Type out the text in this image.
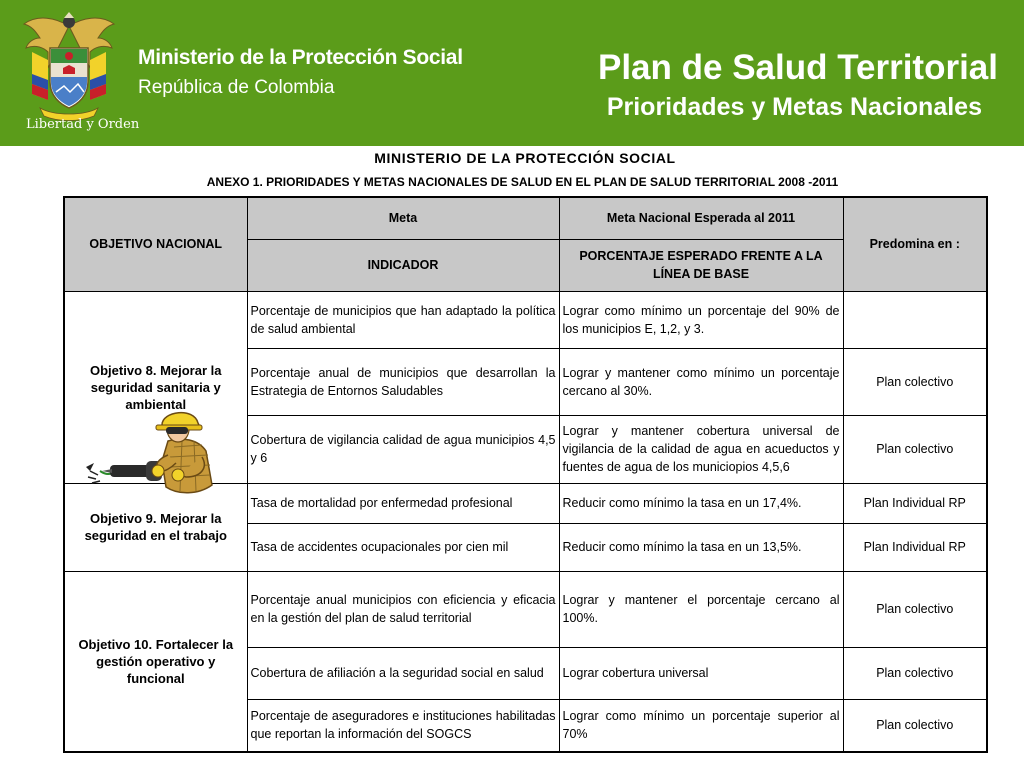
Libertad y Orden
Ministerio de la Protección Social
República de Colombia
Plan de Salud Territorial
Prioridades y Metas Nacionales
MINISTERIO DE LA PROTECCIÓN SOCIAL
ANEXO 1. PRIORIDADES Y METAS NACIONALES DE SALUD EN EL PLAN DE SALUD TERRITORIAL 2008 -2011
OBJETIVO NACIONAL	Meta	Meta Nacional Esperada al 2011	Predomina en :
	INDICADOR	PORCENTAJE ESPERADO FRENTE A LA LÍNEA DE BASE	
Objetivo 8. Mejorar la seguridad sanitaria y ambiental	Porcentaje de municipios que han adaptado la política de salud ambiental	Lograr como mínimo un porcentaje del 90% de los municipios E, 1,2, y 3.	
	Porcentaje anual de municipios que desarrollan la Estrategia de Entornos Saludables	Lograr y mantener como mínimo un porcentaje cercano al 30%.	Plan colectivo
	Cobertura de vigilancia calidad de agua municipios 4,5 y 6	Lograr y mantener cobertura universal de vigilancia de la calidad de agua en acueductos y fuentes de agua de los municiopios 4,5,6	Plan colectivo
Objetivo 9. Mejorar la seguridad en el trabajo	Tasa de mortalidad por enfermedad profesional	Reducir como mínimo la tasa en un 17,4%.	Plan Individual RP
	Tasa de accidentes ocupacionales por cien mil	Reducir como mínimo la tasa en un 13,5%.	Plan Individual RP
Objetivo 10. Fortalecer la gestión operativo y funcional	Porcentaje anual municipios con eficiencia y eficacia en la gestión del plan de salud territorial	Lograr y mantener el porcentaje cercano al 100%.	Plan colectivo
	Cobertura de afiliación a la seguridad social en salud	Lograr cobertura universal	Plan colectivo
	Porcentaje de aseguradores e instituciones habilitadas que reportan la información del SOGCS	Lograr como mínimo un porcentaje superior al 70%	Plan colectivo
